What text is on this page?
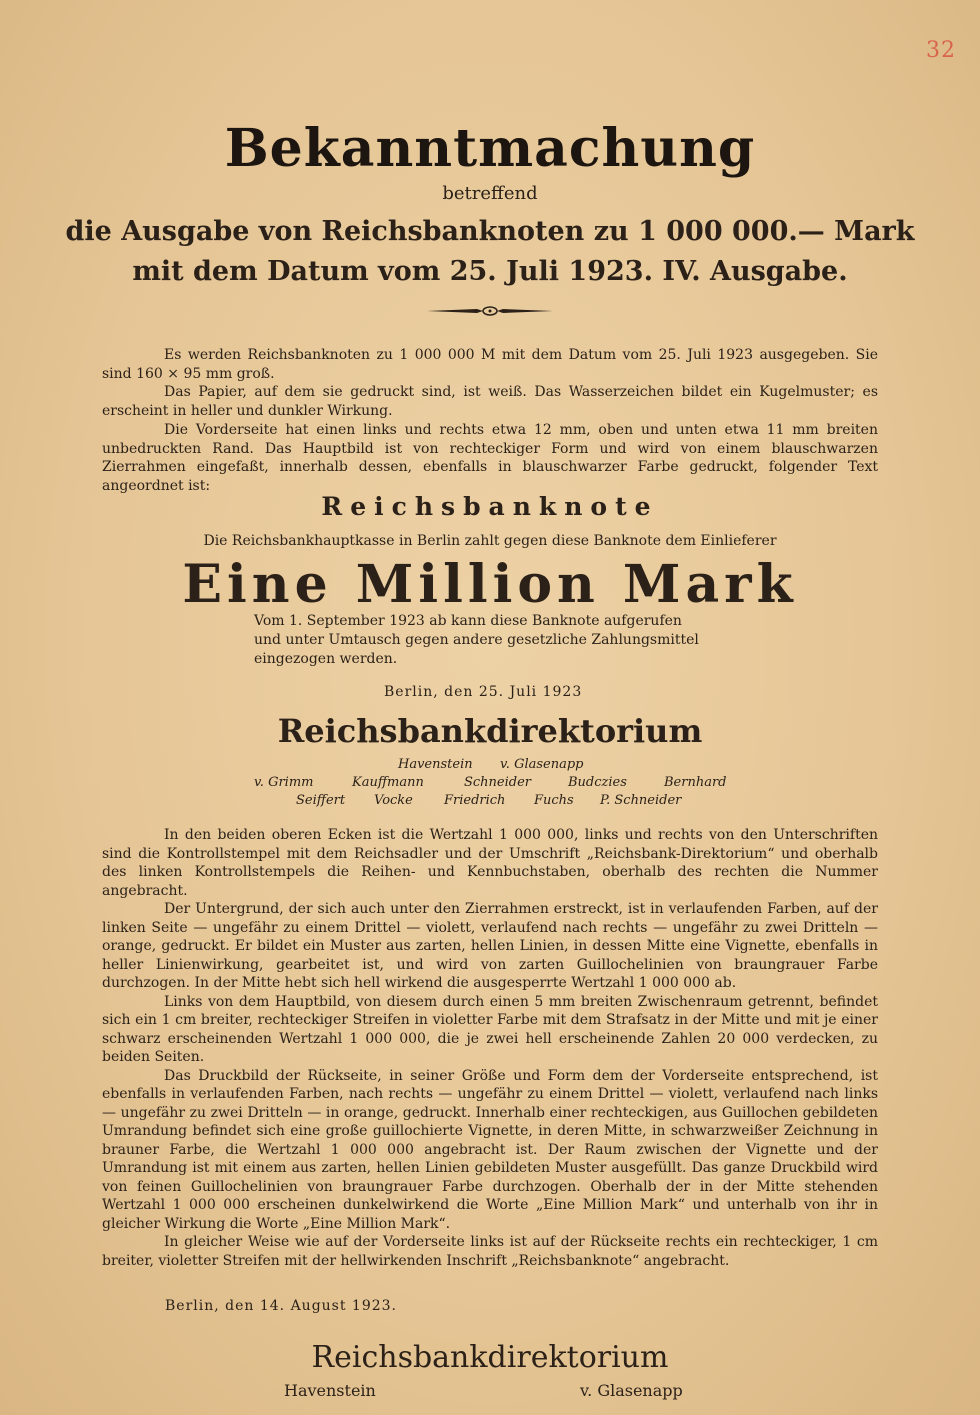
32
Bekanntmachung
betreffend
die Ausgabe von Reichsbanknoten zu 1 000 000.— Mark
mit dem Datum vom 25. Juli 1923. IV. Ausgabe.

Es werden Reichsbanknoten zu 1 000 000 M mit dem Datum vom 25. Juli 1923 ausgegeben. Sie sind 160 × 95 mm groß.

Das Papier, auf dem sie gedruckt sind, ist weiß. Das Wasserzeichen bildet ein Kugelmuster; es erscheint in heller und dunkler Wirkung.

Die Vorderseite hat einen links und rechts etwa 12 mm, oben und unten etwa 11 mm breiten unbedruckten Rand. Das Hauptbild ist von rechteckiger Form und wird von einem blauschwarzen Zierrahmen eingefaßt, innerhalb dessen, ebenfalls in blauschwarzer Farbe gedruckt, folgender Text angeordnet ist:

Reichsbanknote
Die Reichsbankhauptkasse in Berlin zahlt gegen diese Banknote dem Einlieferer
Eine Million Mark
Vom 1. September 1923 ab kann diese Banknote aufgerufen
und unter Umtausch gegen andere gesetzliche Zahlungsmittel
eingezogen werden.
Berlin, den 25. Juli 1923
Reichsbankdirektorium
Havenstein v. Glasenapp
v. Grimm	Kauffmann	Schneider	Budczies	Bernhard
Seiffert Vocke Friedrich Fuchs P. Schneider

In den beiden oberen Ecken ist die Wertzahl 1 000 000, links und rechts von den Unterschriften sind die Kontrollstempel mit dem Reichsadler und der Umschrift „Reichsbank-Direktorium“ und oberhalb des linken Kontrollstempels die Reihen- und Kennbuchstaben, oberhalb des rechten die Nummer angebracht.

Der Untergrund, der sich auch unter den Zierrahmen erstreckt, ist in verlaufenden Farben, auf der linken Seite — ungefähr zu einem Drittel — violett, verlaufend nach rechts — ungefähr zu zwei Dritteln — orange, gedruckt. Er bildet ein Muster aus zarten, hellen Linien, in dessen Mitte eine Vignette, ebenfalls in heller Linienwirkung, gearbeitet ist, und wird von zarten Guillochelinien von braungrauer Farbe durchzogen. In der Mitte hebt sich hell wirkend die ausgesperrte Wertzahl 1 000 000 ab.

Links von dem Hauptbild, von diesem durch einen 5 mm breiten Zwischenraum getrennt, befindet sich ein 1 cm breiter, rechteckiger Streifen in violetter Farbe mit dem Strafsatz in der Mitte und mit je einer schwarz erscheinenden Wertzahl 1 000 000, die je zwei hell erscheinende Zahlen 20 000 verdecken, zu beiden Seiten.

Das Druckbild der Rückseite, in seiner Größe und Form dem der Vorderseite entsprechend, ist ebenfalls in verlaufenden Farben, nach rechts — ungefähr zu einem Drittel — violett, verlaufend nach links — ungefähr zu zwei Dritteln — in orange, gedruckt. Innerhalb einer rechteckigen, aus Guillochen gebildeten Umrandung befindet sich eine große guillochierte Vignette, in deren Mitte, in schwarzweißer Zeichnung in brauner Farbe, die Wertzahl 1 000 000 angebracht ist. Der Raum zwischen der Vignette und der Umrandung ist mit einem aus zarten, hellen Linien gebildeten Muster ausgefüllt. Das ganze Druckbild wird von feinen Guillochelinien von braungrauer Farbe durchzogen. Oberhalb der in der Mitte stehenden Wertzahl 1 000 000 erscheinen dunkelwirkend die Worte „Eine Million Mark“ und unterhalb von ihr in gleicher Wirkung die Worte „Eine Million Mark“.

In gleicher Weise wie auf der Vorderseite links ist auf der Rückseite rechts ein rechteckiger, 1 cm breiter, violetter Streifen mit der hellwirkenden Inschrift „Reichsbanknote“ angebracht.

Berlin, den 14. August 1923.
Reichsbankdirektorium
Havenstein	v. Glasenapp
